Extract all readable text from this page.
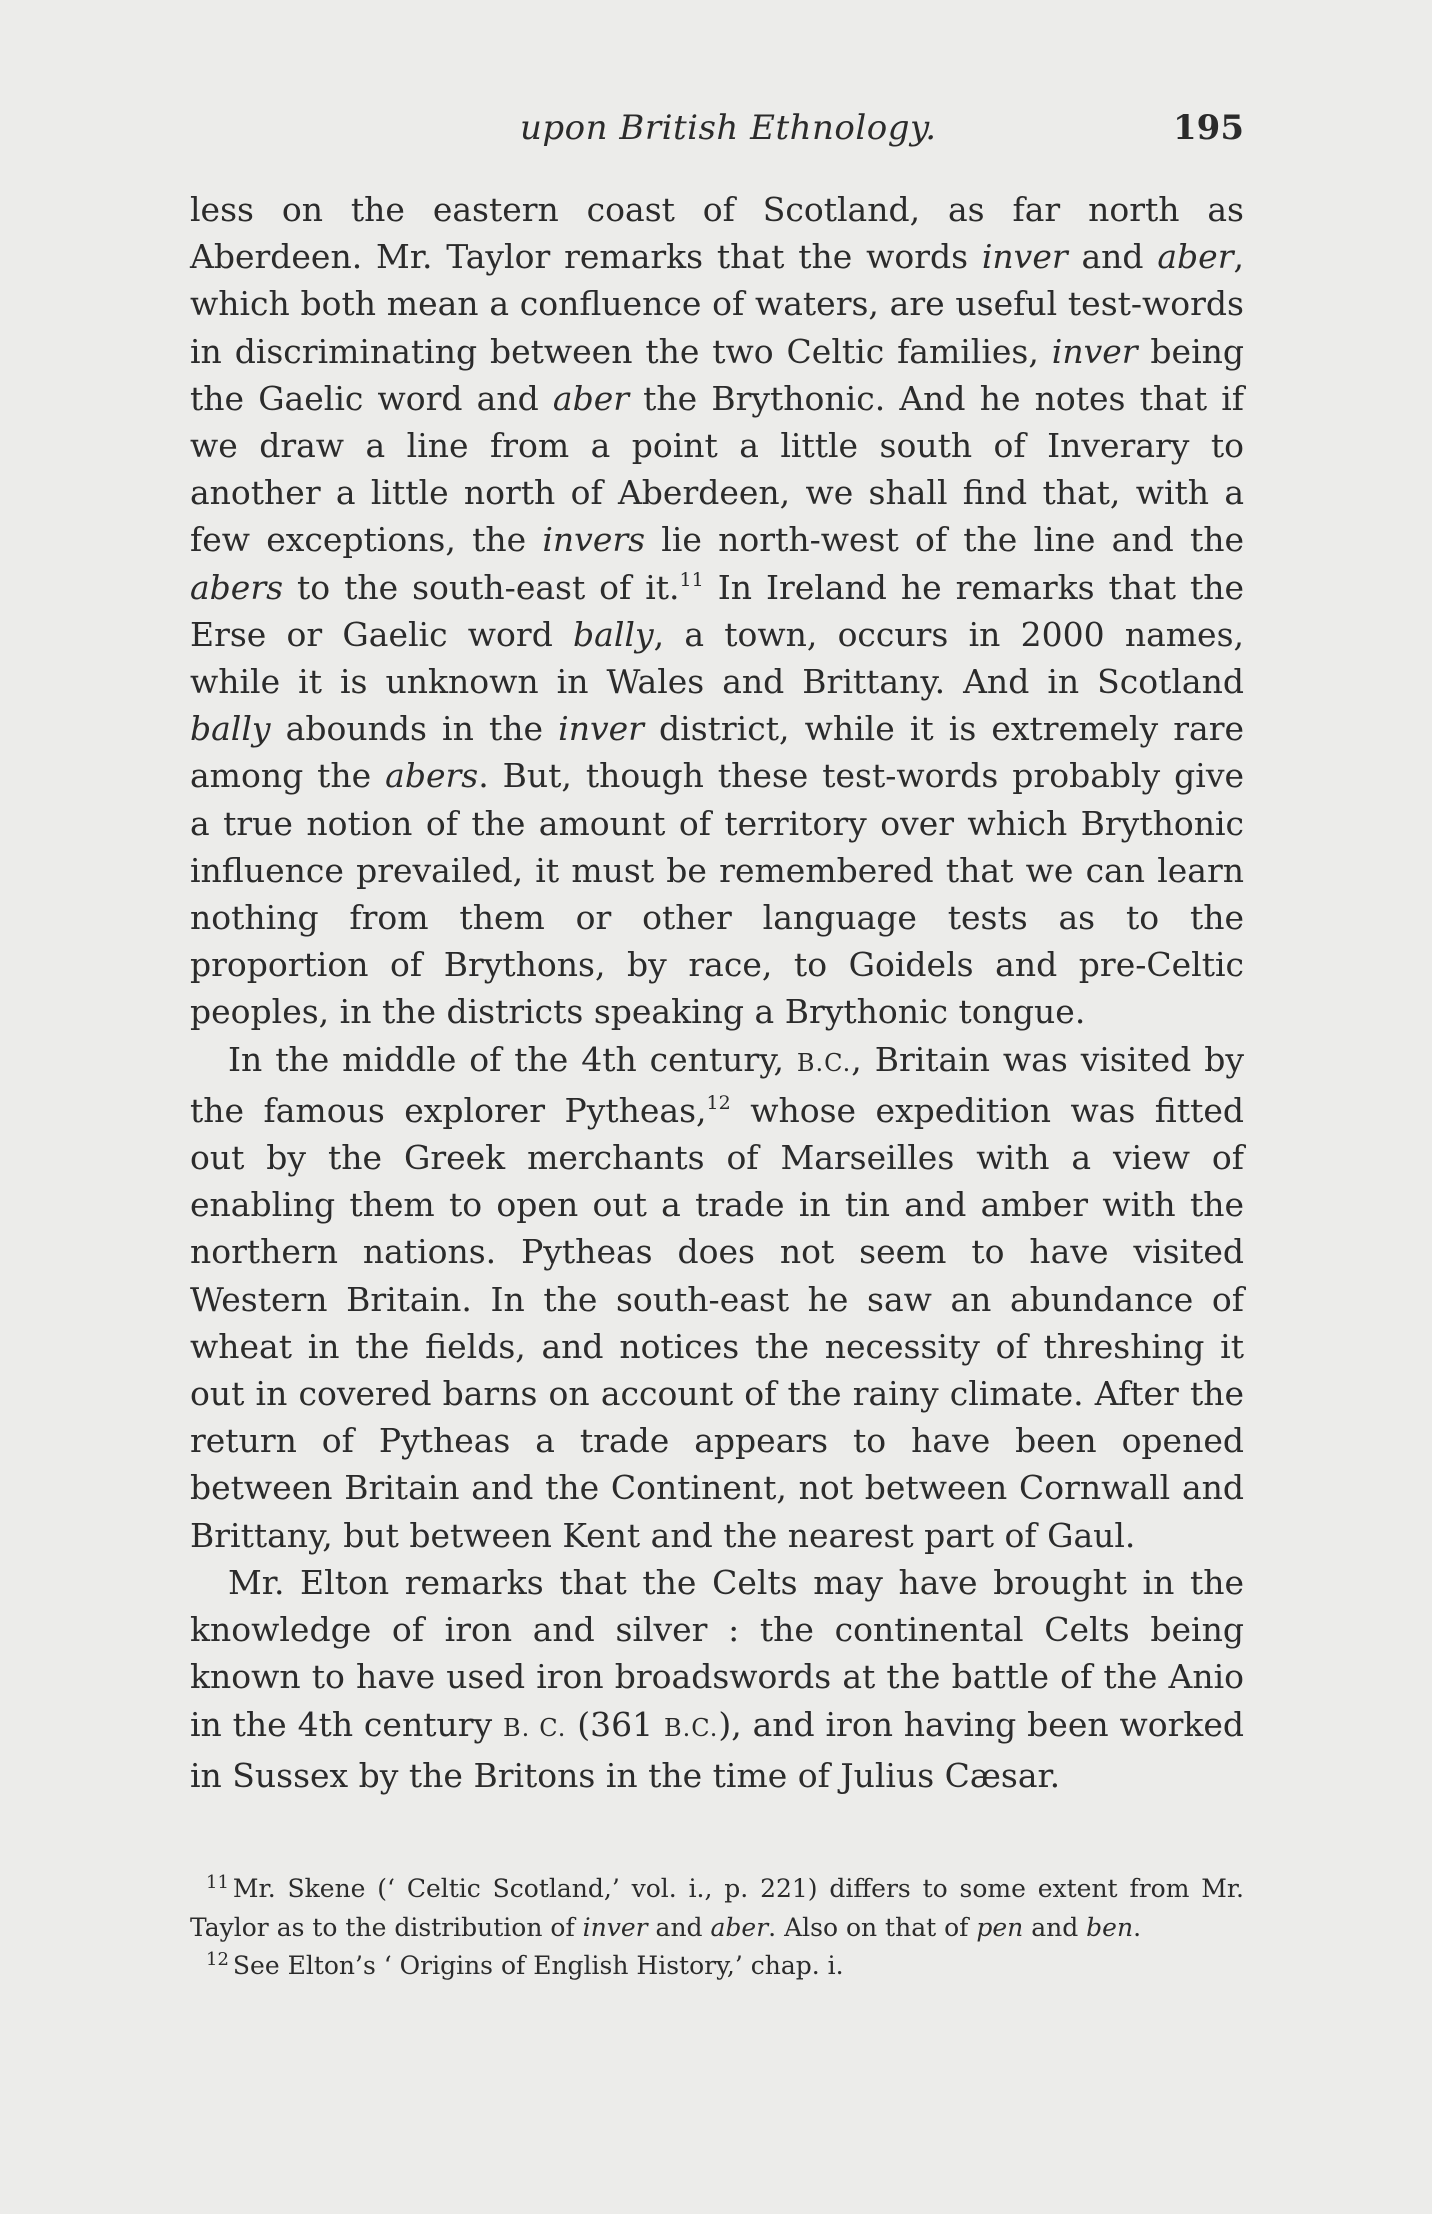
upon British Ethnology.	195

less on the eastern coast of Scotland, as far north as Aberdeen. Mr. Taylor remarks that the words inver and aber, which both mean a confluence of waters, are useful test-words in discriminating between the two Celtic families, inver being the Gaelic word and aber the Brythonic. And he notes that if we draw a line from a point a little south of Inverary to another a little north of Aberdeen, we shall find that, with a few exceptions, the invers lie north-west of the line and the abers to the south-east of it.$^{11}$ In Ireland he remarks that the Erse or Gaelic word bally, a town, occurs in 2000 names, while it is unknown in Wales and Brittany. And in Scotland bally abounds in the inver district, while it is extremely rare among the abers. But, though these test-words probably give a true notion of the amount of territory over which Brythonic influence prevailed, it must be remembered that we can learn nothing from them or other language tests as to the proportion of Brythons, by race, to Goidels and pre-Celtic peoples, in the districts speaking a Brythonic tongue.

In the middle of the 4th century, B.C., Britain was visited by the famous explorer Pytheas,$^{12}$ whose expedition was fitted out by the Greek merchants of Marseilles with a view of enabling them to open out a trade in tin and amber with the northern nations. Pytheas does not seem to have visited Western Britain. In the south-east he saw an abundance of wheat in the fields, and notices the necessity of threshing it out in covered barns on account of the rainy climate. After the return of Pytheas a trade appears to have been opened between Britain and the Continent, not between Cornwall and Brittany, but between Kent and the nearest part of Gaul.

Mr. Elton remarks that the Celts may have brought in the knowledge of iron and silver : the continental Celts being known to have used iron broadswords at the battle of the Anio in the 4th century B. C. (361 B.C.), and iron having been worked in Sussex by the Britons in the time of Julius Cæsar.

$^{11}$ Mr. Skene (‘ Celtic Scotland,’ vol. i., p. 221) differs to some extent from Mr. Taylor as to the distribution of inver and aber. Also on that of pen and ben.

$^{12}$ See Elton’s ‘ Origins of English History,’ chap. i.
